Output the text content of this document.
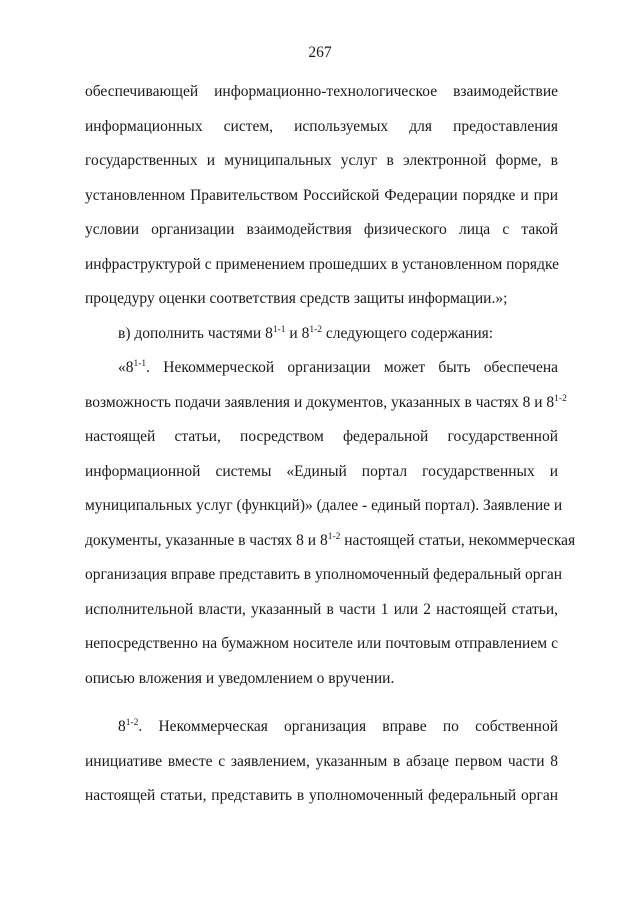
267
обеспечивающей информационно-технологическое взаимодействие
информационных систем, используемых для предоставления
государственных и муниципальных услуг в электронной форме, в
установленном Правительством Российской Федерации порядке и при
условии организации взаимодействия физического лица с такой
инфраструктурой с применением прошедших в установленном порядке
процедуру оценки соответствия средств защиты информации.»;
в) дополнить частями 8$^{1-1}$ и 8$^{1-2}$ следующего содержания:
«8$^{1-1}$. Некоммерческой организации может быть обеспечена
возможность подачи заявления и документов, указанных в частях 8 и 8$^{1-2}$
настоящей статьи, посредством федеральной государственной
информационной системы «Единый портал государственных и
муниципальных услуг (функций)» (далее - единый портал). Заявление и
документы, указанные в частях 8 и 8$^{1-2}$ настоящей статьи, некоммерческая
организация вправе представить в уполномоченный федеральный орган
исполнительной власти, указанный в части 1 или 2 настоящей статьи,
непосредственно на бумажном носителе или почтовым отправлением с
описью вложения и уведомлением о вручении.
8$^{1-2}$. Некоммерческая организация вправе по собственной
инициативе вместе с заявлением, указанным в абзаце первом части 8
настоящей статьи, представить в уполномоченный федеральный орган
